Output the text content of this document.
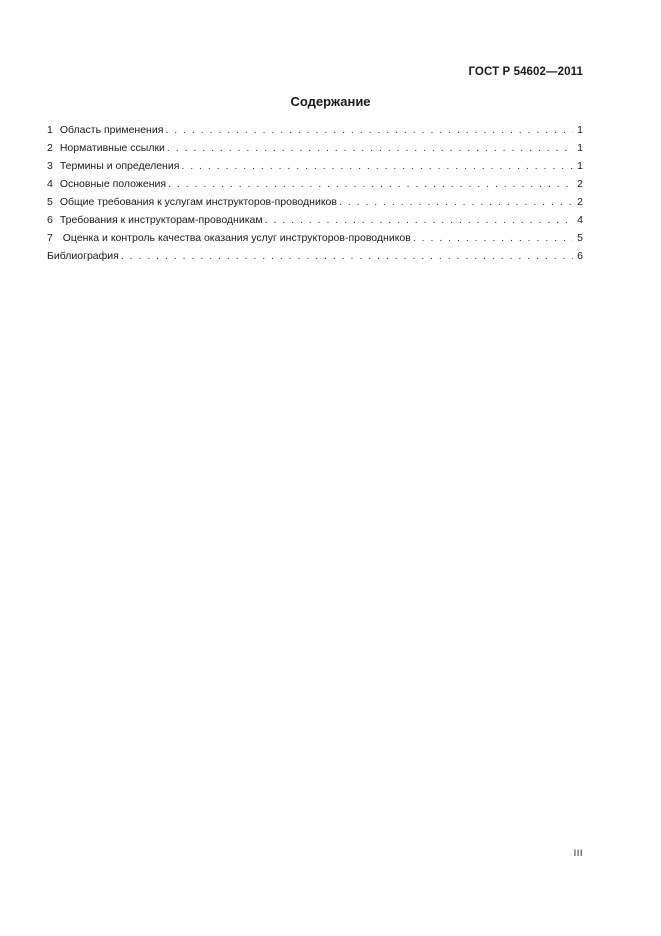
ГОСТ Р 54602—2011
Содержание
1 Область применения . . .	1
2 Нормативные ссылки . . .	1
3 Термины и определения . . .	1
4 Основные положения . . .	2
5 Общие требования к услугам инструкторов-проводников . . .	2
6 Требования к инструкторам-проводникам . . .	4
7 Оценка и контроль качества оказания услуг инструкторов-проводников . . .	5
Библиография . . .	6
III
